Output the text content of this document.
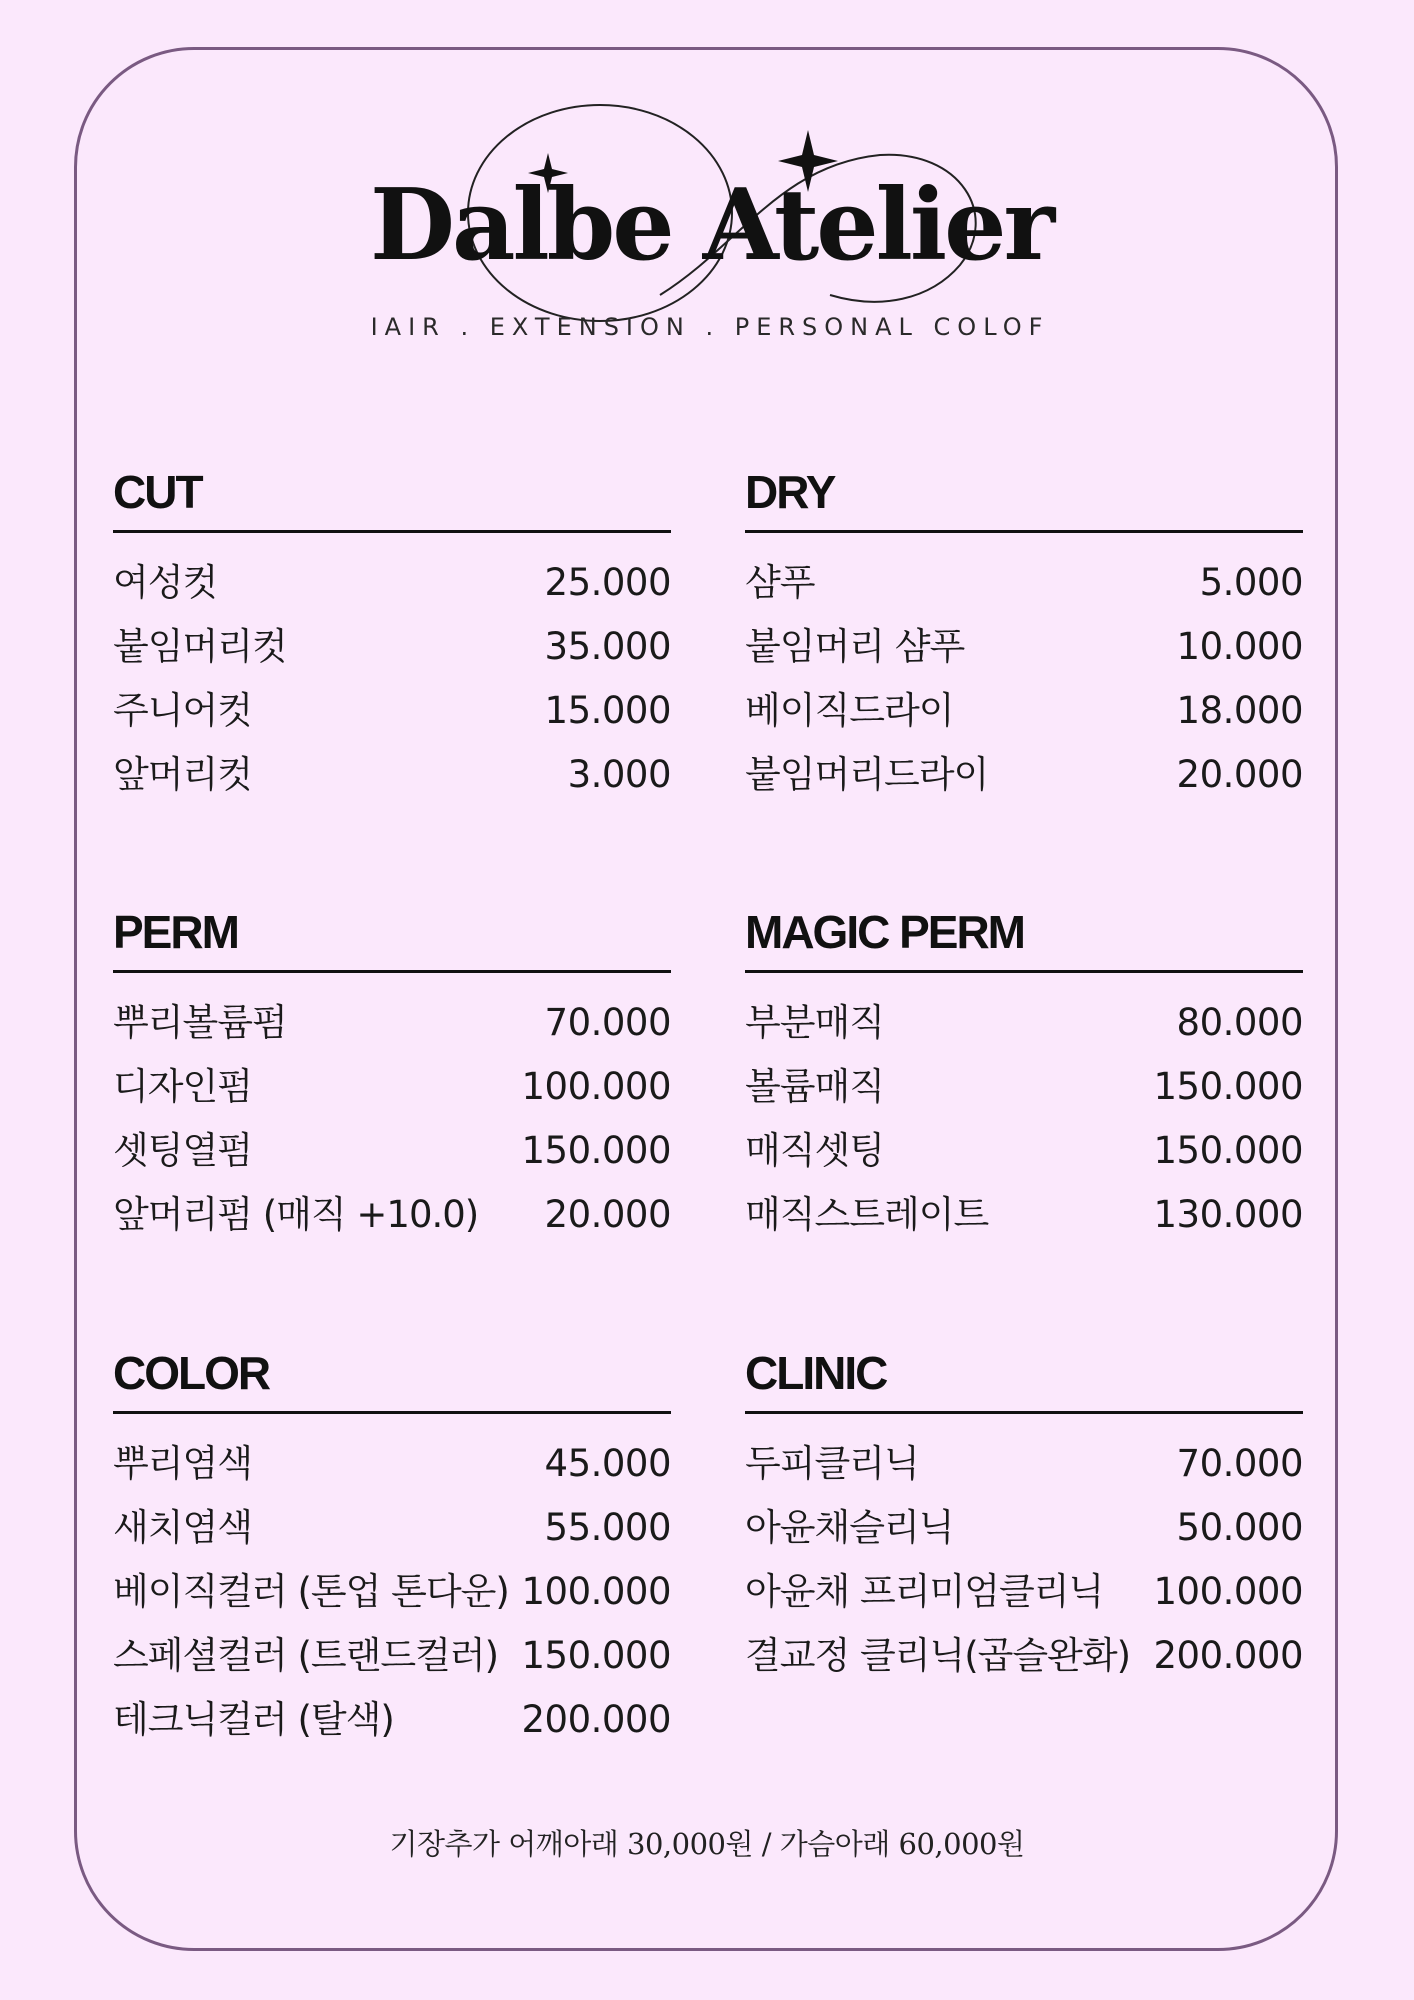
Dalbe Atelier
IAIR . EXTENSION . PERSONAL COLOF
CUT
여성컷	25.000
붙임머리컷	35.000
주니어컷	15.000
앞머리컷	3.000
DRY
샴푸	5.000
붙임머리 샴푸	10.000
베이직드라이	18.000
붙임머리드라이	20.000
PERM
뿌리볼륨펌	70.000
디자인펌	100.000
셋팅열펌	150.000
앞머리펌 (매직 +10.0) 20.000
MAGIC PERM
부분매직	80.000
볼륨매직	150.000
매직셋팅	150.000
매직스트레이트	130.000
COLOR
뿌리염색	45.000
새치염색	55.000
베이직컬러 (톤업 톤다운) 100.000
스페셜컬러 (트랜드컬러) 150.000
테크닉컬러 (탈색)	200.000
CLINIC
두피클리닉	70.000
아윤채슬리닉	50.000
아윤채 프리미엄클리닉 100.000
결교정 클리닉(곱슬완화) 200.000
기장추가 어깨아래 30,000원 / 가슴아래 60,000원
